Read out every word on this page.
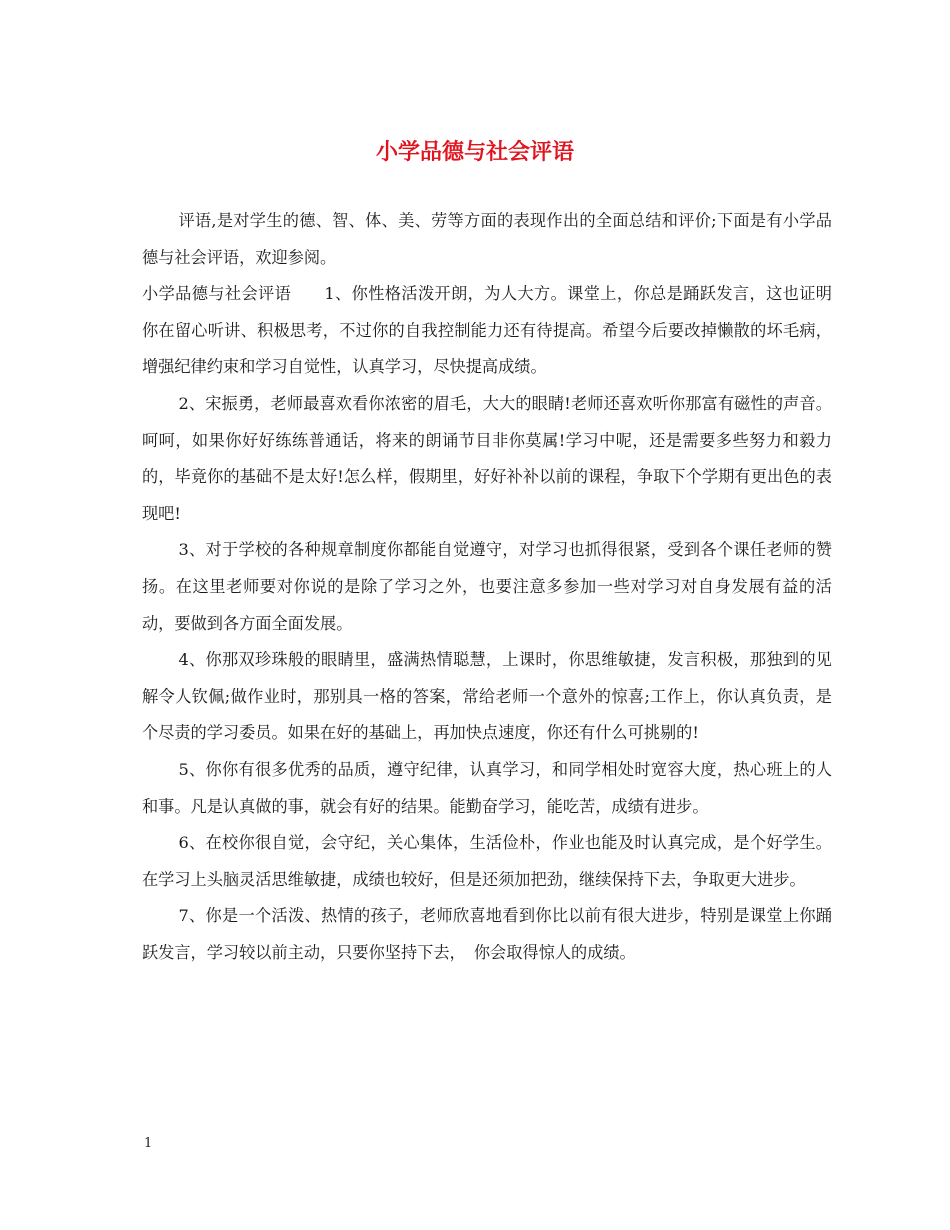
小学品德与社会评语

评语,是对学生的德、智、体、美、劳等方面的表现作出的全面总结和评价;下面是有小学品德与社会评语，欢迎参阅。

小学品德与社会评语　　1、你性格活泼开朗，为人大方。课堂上，你总是踊跃发言，这也证明你在留心听讲、积极思考，不过你的自我控制能力还有待提高。希望今后要改掉懒散的坏毛病，增强纪律约束和学习自觉性，认真学习，尽快提高成绩。

2、宋振勇，老师最喜欢看你浓密的眉毛，大大的眼睛!老师还喜欢听你那富有磁性的声音。呵呵，如果你好好练练普通话，将来的朗诵节目非你莫属!学习中呢，还是需要多些努力和毅力的，毕竟你的基础不是太好!怎么样，假期里，好好补补以前的课程，争取下个学期有更出色的表现吧!

3、对于学校的各种规章制度你都能自觉遵守，对学习也抓得很紧，受到各个课任老师的赞扬。在这里老师要对你说的是除了学习之外，也要注意多参加一些对学习对自身发展有益的活动，要做到各方面全面发展。

4、你那双珍珠般的眼睛里，盛满热情聪慧，上课时，你思维敏捷，发言积极，那独到的见解令人钦佩;做作业时，那别具一格的答案，常给老师一个意外的惊喜;工作上，你认真负责，是个尽责的学习委员。如果在好的基础上，再加快点速度，你还有什么可挑剔的!

5、你你有很多优秀的品质，遵守纪律，认真学习，和同学相处时宽容大度，热心班上的人和事。凡是认真做的事，就会有好的结果。能勤奋学习，能吃苦，成绩有进步。

6、在校你很自觉，会守纪，关心集体，生活俭朴，作业也能及时认真完成，是个好学生。在学习上头脑灵活思维敏捷，成绩也较好，但是还须加把劲，继续保持下去，争取更大进步。

7、你是一个活泼、热情的孩子，老师欣喜地看到你比以前有很大进步，特别是课堂上你踊跃发言，学习较以前主动，只要你坚持下去，　你会取得惊人的成绩。

1
